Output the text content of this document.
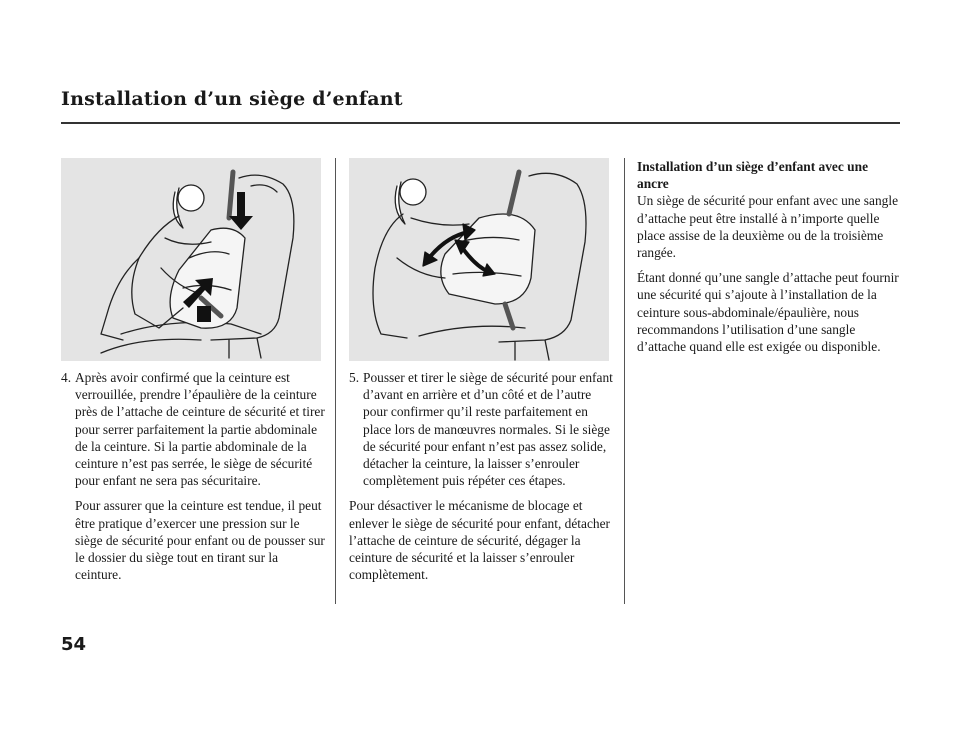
Installation d’un siège d’enfant

4. Après avoir confirmé que la ceinture est verrouillée, prendre l’épaulière de la ceinture près de l’attache de ceinture de sécurité et tirer pour serrer parfaitement la partie abdominale de la ceinture. Si la partie abdominale de la ceinture n’est pas serrée, le siège de sécurité pour enfant ne sera pas sécuritaire.

Pour assurer que la ceinture est tendue, il peut être pratique d’exercer une pression sur le siège de sécurité pour enfant ou de pousser sur le dossier du siège tout en tirant sur la ceinture.

5. Pousser et tirer le siège de sécurité pour enfant d’avant en arrière et d’un côté et de l’autre pour confirmer qu’il reste parfaitement en place lors de manœuvres normales. Si le siège de sécurité pour enfant n’est pas assez solide, détacher la ceinture, la laisser s’enrouler complètement puis répéter ces étapes.

Pour désactiver le mécanisme de blocage et enlever le siège de sécurité pour enfant, détacher l’attache de ceinture de sécurité, dégager la ceinture de sécurité et la laisser s’enrouler complètement.

Installation d’un siège d’enfant avec une ancre

Un siège de sécurité pour enfant avec une sangle d’attache peut être installé à n’importe quelle place assise de la deuxième ou de la troisième rangée.

Étant donné qu’une sangle d’attache peut fournir une sécurité qui s’ajoute à l’installation de la ceinture sous-abdominale/épaulière, nous recommandons l’utilisation d’une sangle d’attache quand elle est exigée ou disponible.

54
